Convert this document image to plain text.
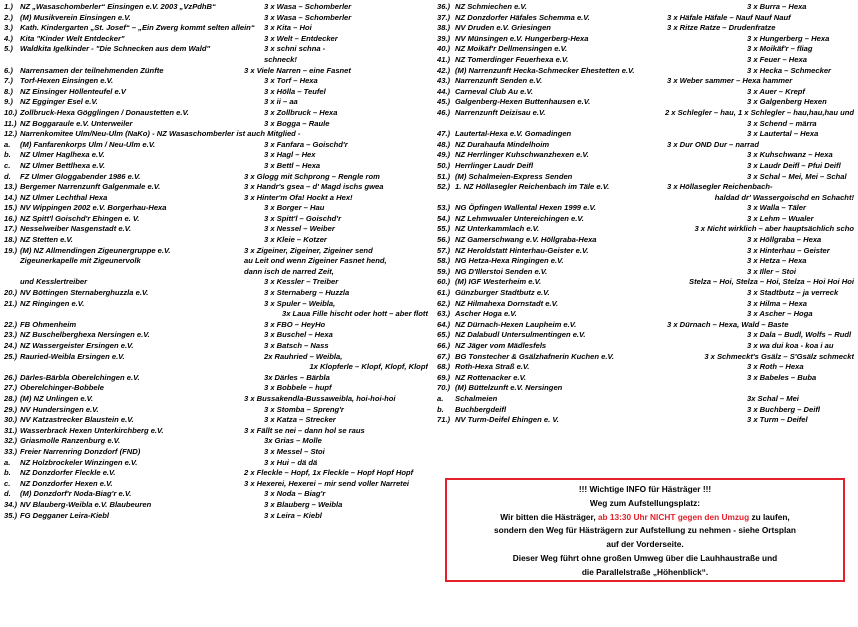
1.) NZ „Wasaschomberler“ Einsingen e.V. 2003 „VzPdhB“	3 x Wasa – Schomberler
2.) (M) Musikverein Einsingen e.V.	3 x Wasa – Schomberler
3.) Kath. Kindergarten „St. Josef“ – „Ein Zwerg kommt selten allein“ 3 x Kita – Hoi
4.) Kita "Kinder Welt Entdecker"	3 x Welt – Entdecker
5.) Waldkita Igelkinder - "Die Schnecken aus dem Wald"	3 x schni schna -
schneck!
6.) Narrensamen der teilnehmenden Zünfte	3 x Viele Narren – eine Fasnet
7.) Torf-Hexen Einsingen e.V.	3 x Torf – Hexa
8.) NZ Einsinger Höllenteufel e.V	3 x Hölla – Teufel
9.) NZ Egginger Esel e.V.	3 x ii – aa
10.) Zollbruck-Hexa Gögglingen / Donaustetten e.V.	3 x Zollbruck – Hexa
11.) NZ Boggaraule e.V. Unterweiler	3 x Bogga – Raule
12.) Narrenkomitee Ulm/Neu-Ulm (NaKo) - NZ Wasaschomberler ist auch Mitglied -
a. (M) Fanfarenkorps Ulm / Neu-Ulm e.V.	3 x Fanfara – Goischd'r
b. NZ Ulmer Haglhexa e.V.	3 x Hagl – Hex
c. NZ Ulmer Bettlhexa e.V.	3 x Bettl – Hexa
d. FZ Ulmer Gloggabender 1986 e.V.	3 x Glogg mit Schprong – Rengle rom
13.) Bergemer Narrenzunft Galgenmale e.V.	3 x Handr's gsea – d' Magd ischs gwea
14.) NZ Ulmer Lechthal Hexa	3 x Hinter'm Ofa! Hockt a Hex!
15.) NV Wippingen 2002 e.V. Borgerhau-Hexa	3 x Borger – Hau
16.) NZ Spitt'l Goischd'r Ehingen e. V.	3 x Spitt'l – Goischd'r
17.) Nesselweiber Nasgenstadt e.V.	3 x Nessel – Weiber
18.) NZ Stetten e.V.	3 x Kleie – Kotzer
19.) (M) NZ Allmendingen Zigeunergruppe e.V.	3 x Zigeiner, Zigeiner, Zigeiner send
Zigeunerkapelle mit Zigeunervolk	au Leit ond wenn Zigeiner Fasnet hend,
dann isch de narred Zeit,
und Kesslertreiber	3 x Kessler – Treiber
20.) NV Böttingen Sternaberghuzzla e.V.	3 x Sternaberg – Huzzla
21.) NZ Ringingen e.V.	3 x Spuler – Weibla,
3x Laua Fille hischt oder hott – aber flott
22.) FB Ohmenheim	3 x FBO – HeyHo
23.) NZ Buschelberghexa Nersingen e.V.	3 x Buschel – Hexa
24.) NZ Wassergeister Ersingen e.V.	3 x Batsch – Nass
25.) Rauried-Weibla Ersingen e.V.	2x Rauhried – Weibla,
1x Klopferle – Klopf, Klopf, Klopf
26.) Därles-Bärbla Oberelchingen e.V.	3x Därles – Bärbla
27.) Oberelchinger-Bobbele	3 x Bobbele – hupf
28.) (M) NZ Unlingen e.V.	3 x Bussakendla-Bussaweibla, hoi-hoi-hoi
29.) NV Hundersingen e.V.	3 x Stomba – Spreng'r
30.) NV Katzastrecker Blaustein e.V.	3 x Katza – Strecker
31.) Wasserbrack Hexen Unterkirchberg e.V.	3 x Fällt se nei – dann hol se raus
32.) Griasmolle Ranzenburg e.V.	3x Grias – Molle
33.) Freier Narrenring Donzdorf (FND)	3 x Messel – Stoi
a. NZ Holzbrockeler Winzingen e.V.	3 x Hui – dä dä
b. NZ Donzdorfer Fleckle e.V.	2 x Fleckle – Hopf, 1x Fleckle – Hopf Hopf Hopf
c. NZ Donzdorfer Hexen e.V.	3 x Hexerei, Hexerei – mir send voller Narretei
d. (M) Donzdorf'r Noda-Biag'r e.V.	3 x Noda – Biag'r
34.) NV Blauberg-Weibla e.V. Blaubeuren	3 x Blauberg – Weibla
35.) FG Degganer Leira-Kiebl	3 x Leira – Kiebl
36.) NZ Schmiechen e.V.	3 x Burra – Hexa
37.) NZ Donzdorfer Häfales Schemma e.V.	3 x Häfale Häfale – Nauf Nauf Nauf
38.) NV Druden e.V. Griesingen	3 x Ritze Ratze – Drudenfratze
39.) NV Münsingen e.V. Hungerberg-Hexa	3 x Hungerberg – Hexa
40.) NZ Moikäf'r Dellmensingen e.V.	3 x Moikäf'r – fliag
41.) NZ Tomerdinger Feuerhexa e.V.	3 x Feuer – Hexa
42.) (M) Narrenzunft Hecka-Schmecker Ehestetten e.V.	3 x Hecka – Schmecker
43.) Narrenzunft Senden e.V.	3 x Weber sammer – Hexa hammer
44.) Carneval Club Au e.V.	3 x Auer – Krepf
45.) Galgenberg-Hexen Buttenhausen e.V.	3 x Galgenberg Hexen
46.) Narrenzunft Deizisau e.V.	2 x Schlegler – hau, 1 x Schlegler – hau,hau,hau und
3 x Schend – märra
47.) Lautertal-Hexa e.V. Gomadingen	3 x Lautertal – Hexa
48.) NZ Durahaufa Mindelhoim	3 x Dur OND Dur – narrad
49.) NZ Herrlinger Kuhschwanzhexen e.V.	3 x Kuhschwanz – Hexa
50.) Herrlinger Laudr Deifl	3 x Laudr Deifl – Pfui Deifl
51.) (M) Schalmeien-Express Senden	3 x Schal – Mei, Mei – Schal
52.) 1. NZ Höllasegler Reichenbach im Täle e.V.	3 x Höllasegler Reichenbach-
haldad dr' Wassergoischd en Schacht!
53.) NG Öpfingen Wallental Hexen 1999 e.V.	3 x Walla – Täler
54.) NZ Lehmwualer Untereichingen e.V.	3 x Lehm – Wualer
55.) NZ Unterkammlach e.V.	3 x Nicht wirklich – aber hauptsächlich scho
56.) NZ Gamerschwang e.V. Höllgraba-Hexa	3 x Höllgraba – Hexa
57.) NZ Heroldstatt Hinterhau-Geister e.V.	3 x Hinterhau – Geister
58.) NG Hetza-Hexa Ringingen e.V.	3 x Hetza – Hexa
59.) NG D'Illerstoi Senden e.V.	3 x Iller – Stoi
60.) (M) IGF Westerheim e.V.	Stelza – Hoi, Stelza – Hoi, Stelza – Hoi Hoi Hoi
61.) Günzburger Stadtbutz e.V.	3 x Stadtbutz – ja verreck
62.) NZ Hilmahexa Dornstadt e.V.	3 x Hilma – Hexa
63.) Ascher Hoga e.V.	3 x Ascher – Hoga
64.) NZ Dürnach-Hexen Laupheim e.V.	3 x Dürnach – Hexa, Wald – Baste
65.) NZ Dalabudl Untersulmentingen e.V.	3 x Dala – Budl, Wolfs – Rudl
66.) NZ Jäger vom Mädlesfels	3 x wa dui koa - koa i au
67.) BG Tonstecher & Gsälzhafnerin Kuchen e.V.	3 x Schmeckt's Gsälz – S'Gsälz schmeckt
68.) Roth-Hexa Straß e.V.	3 x Roth – Hexa
69.) NZ Rottenacker e.V.	3 x Babeles – Buba
70.) (M) Büttelzunft e.V. Nersingen
a. Schalmeien	3x Schal – Mei
b. Buchbergdeifl	3 x Buchberg – Deifl
71.) NV Turm-Deifel Ehingen e. V.	3 x Turm – Deifel
!!! Wichtige INFO für Hästräger !!!
Weg zum Aufstellungsplatz:
Wir bitten die Hästräger, ab 13:30 Uhr NICHT gegen den Umzug zu laufen,
sondern den Weg für Hästrägern zur Aufstellung zu nehmen - siehe Ortsplan
auf der Vorderseite.
Dieser Weg führt ohne großen Umweg über die Lauhhaustraße und
die Parallelstraße „Höhenblick“.
